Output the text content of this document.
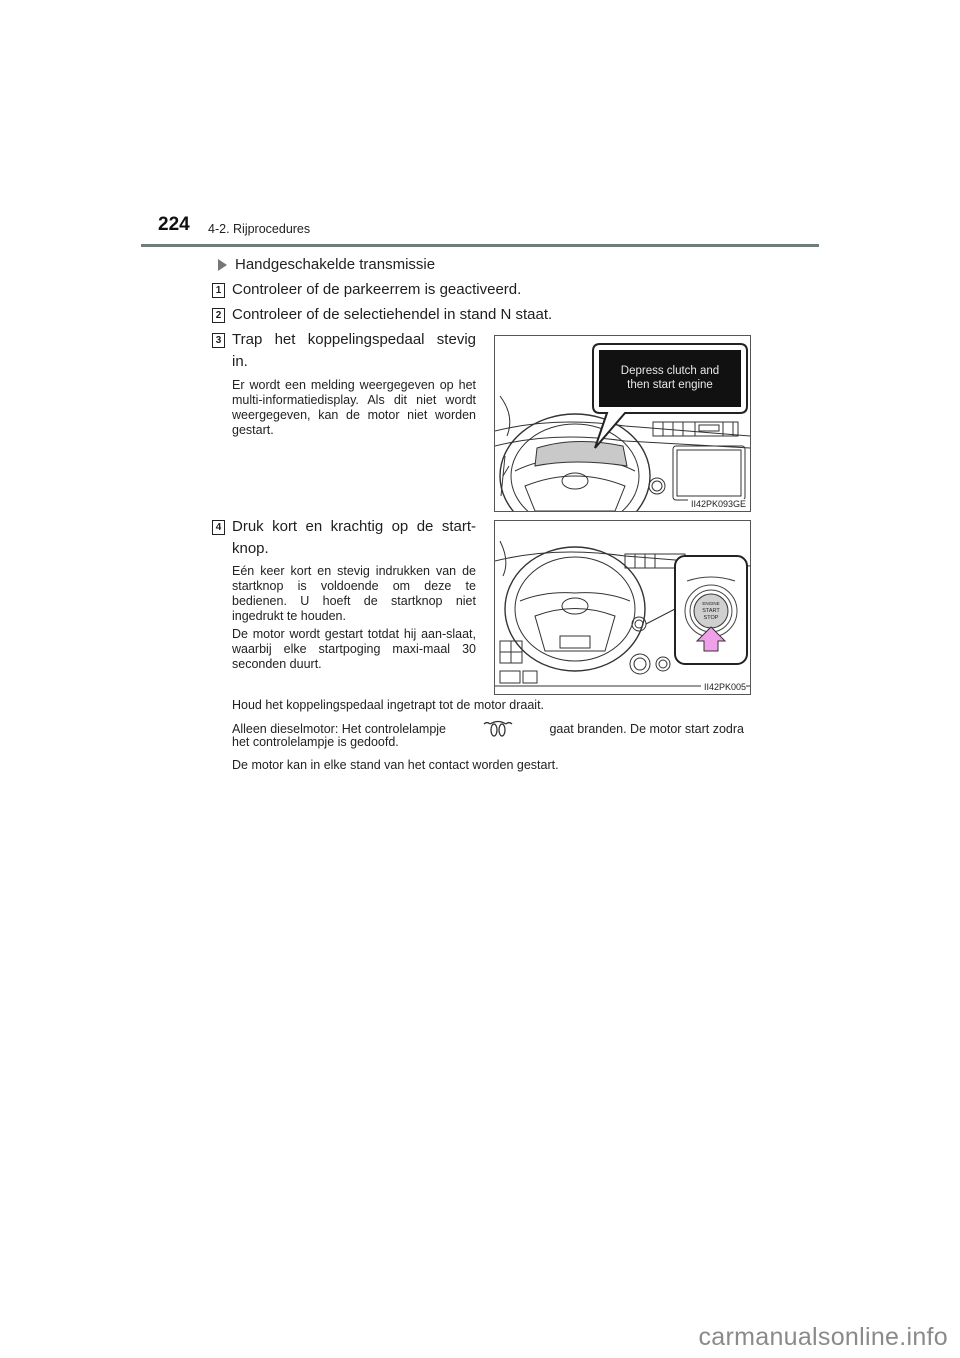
224 4-2. Rijprocedures
Handgeschakelde transmissie
1 Controleer of de parkeerrem is geactiveerd.
2 Controleer of de selectiehendel in stand N staat.
3 Trap het koppelingspedaal stevig
in.
Er wordt een melding weergegeven op het multi-informatiedisplay. Als dit niet wordt weergegeven, kan de motor niet worden gestart.
Depress clutch and
then start engine
II42PK093GE
4 Druk kort en krachtig op de start-
knop.
Eén keer kort en stevig indrukken van de startknop is voldoende om deze te bedienen. U hoeft de startknop niet ingedrukt te houden.
De motor wordt gestart totdat hij aan-slaat, waarbij elke startpoging maxi-maal 30 seconden duurt.
ENGINE
START
STOP
II42PK005
Houd het koppelingspedaal ingetrapt tot de motor draait.
Alleen dieselmotor: Het controlelampje	gaat branden. De motor start zodra
het controlelampje is gedoofd.
De motor kan in elke stand van het contact worden gestart.
carmanualsonline.info
